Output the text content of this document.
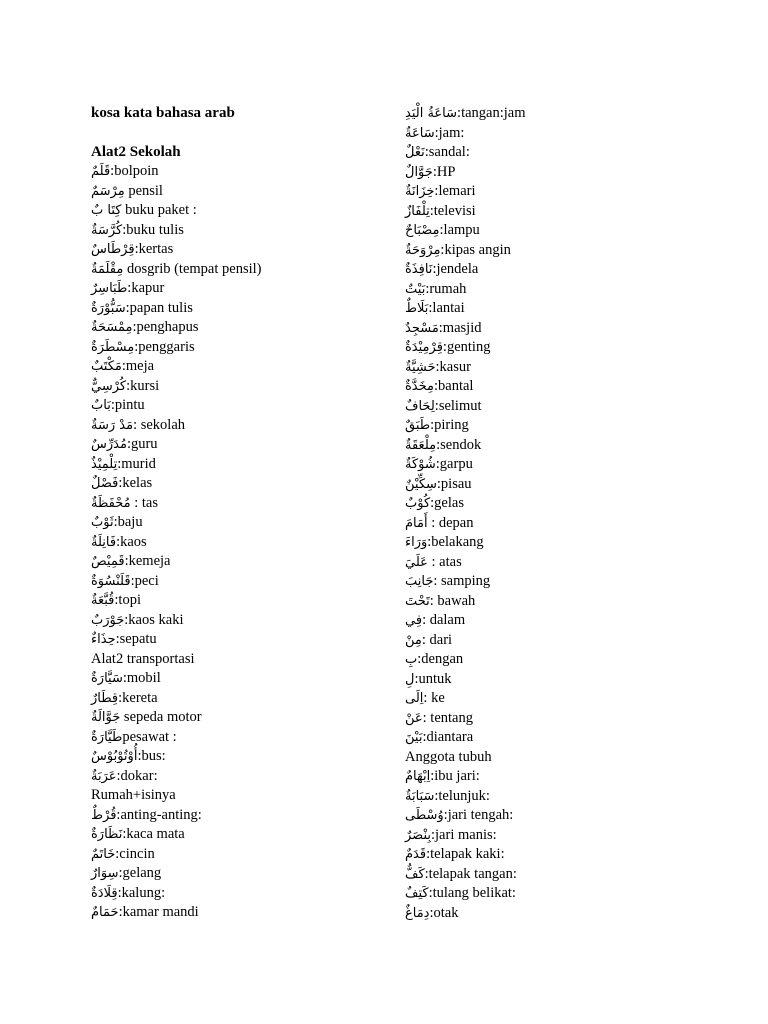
kosa kata bahasa arab
Alat2 Sekolah
قَلَمٌ:bolpoin
مِرْسَمٌ pensil
كِتَا بٌ buku paket :
كُرَّسَةٌ:buku tulis
قِرْطَاسٌ:kertas
مِقْلَمَةٌ dosgrib (tempat pensil)
طَبَاسِرٌ:kapur
سَبُّوْرَةٌ:papan tulis
مِمْسَحَةٌ:penghapus
مِسْطَرَةٌ:penggaris
مَكْتَبٌ:meja
كُرْسِيٌّ:kursi
بَابٌ:pintu
مَدْ رَسَةٌ: sekolah
مُدَرِّسٌ:guru
تِلْمِيْذٌ:murid
فَصْلٌ:kelas
مُحْفَظَةٌ : tas
ثَوْبٌ:baju
فَانِلَةٌ:kaos
قَمِيْصٌ:kemeja
قَلَنْسُوَةٌ:peci
قُبَّعَةٌ:topi
جَوْرَبٌ:kaos kaki
حِذَاءٌ:sepatu
Alat2 transportasi
سَيَّارَةٌ:mobil
قِطَارٌ:kereta
جَوَّالَةٌ sepeda motor
طَيَّارَةٌpesawat :
أُوْتُوْبُوْسٌ:bus:
عَرَبَةٌ:dokar:
Rumah+isinya
قُرْطٌ:anting-anting:
نَظَارَةٌ:kaca mata
خَاتَمٌ:cincin
سِوَارٌ:gelang
قِلَادَةٌ:kalung:
حَمَامٌ:kamar mandi
سَاعَةُ الْيَدِ:tangan:jam
سَاعَةٌ:jam:
نَعْلٌ:sandal:
جَوَّالٌ:HP
خِزَانَةٌ:lemari
تِلْفَازٌ:televisi
مِصْبَاحٌ:lampu
مِرْوَحَةٌ:kipas angin
نَافِذَةٌ:jendela
بَيْتٌ:rumah
بَلَاطٌ:lantai
مَسْجِدٌ:masjid
قِرْمِيْدَةٌ:genting
حَشِيَّةٌ:kasur
مِخَدَّةٌ:bantal
لِحَافٌ:selimut
طَبَقٌ:piring
مِلْعَقَةٌ:sendok
شُوْكَةٌ:garpu
سِكِّيْنٌ:pisau
كُوْبٌ:gelas
أَمَامَ : depan
وَرَاءَ:belakang
عَلَيَ : atas
جَانِبَ: samping
تَحْتَ: bawah
فِي: dalam
مِنْ: dari
بِ:dengan
لِ:untuk
اِلَى: ke
عَنْ: tentang
بَيْنَ:diantara
Anggota tubuh
اِبْهَامٌ:ibu jari:
سَبَابَةٌ:telunjuk:
وُسْطَى:jari tengah:
بِنْصَرٌ:jari manis:
قَدَمٌ:telapak kaki:
كَفٌّ:telapak tangan:
كَتِفٌ:tulang belikat:
دِمَاغٌ:otak
